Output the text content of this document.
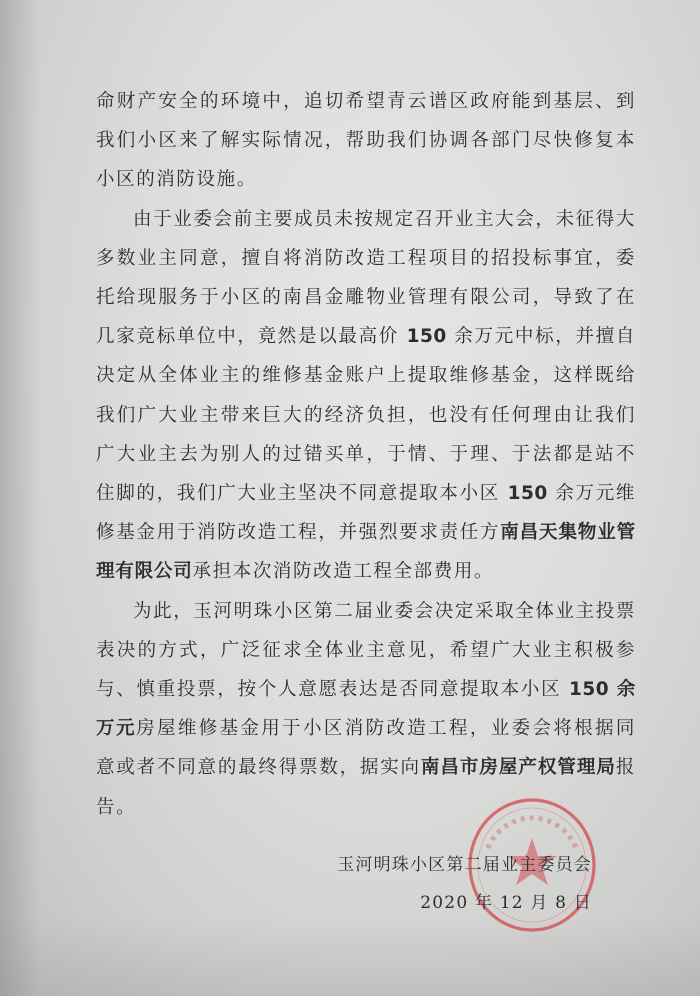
命财产安全的环境中，追切希望青云谱区政府能到基层、到我们小区来了解实际情况，帮助我们协调各部门尽快修复本小区的消防设施。

由于业委会前主要成员未按规定召开业主大会，未征得大多数业主同意，擅自将消防改造工程项目的招投标事宜，委托给现服务于小区的南昌金雕物业管理有限公司，导致了在几家竞标单位中，竟然是以最高价 150 余万元中标，并擅自决定从全体业主的维修基金账户上提取维修基金，这样既给我们广大业主带来巨大的经济负担，也没有任何理由让我们广大业主去为别人的过错买单，于情、于理、于法都是站不住脚的，我们广大业主坚决不同意提取本小区 150 余万元维修基金用于消防改造工程，并强烈要求责任方南昌天集物业管理有限公司承担本次消防改造工程全部费用。

为此，玉河明珠小区第二届业委会决定采取全体业主投票表决的方式，广泛征求全体业主意见，希望广大业主积极参与、慎重投票，按个人意愿表达是否同意提取本小区 150 余万元房屋维修基金用于小区消防改造工程，业委会将根据同意或者不同意的最终得票数，据实向南昌市房屋产权管理局报告。

玉河明珠小区第二届业主委员会
2020 年 12 月 8 日
